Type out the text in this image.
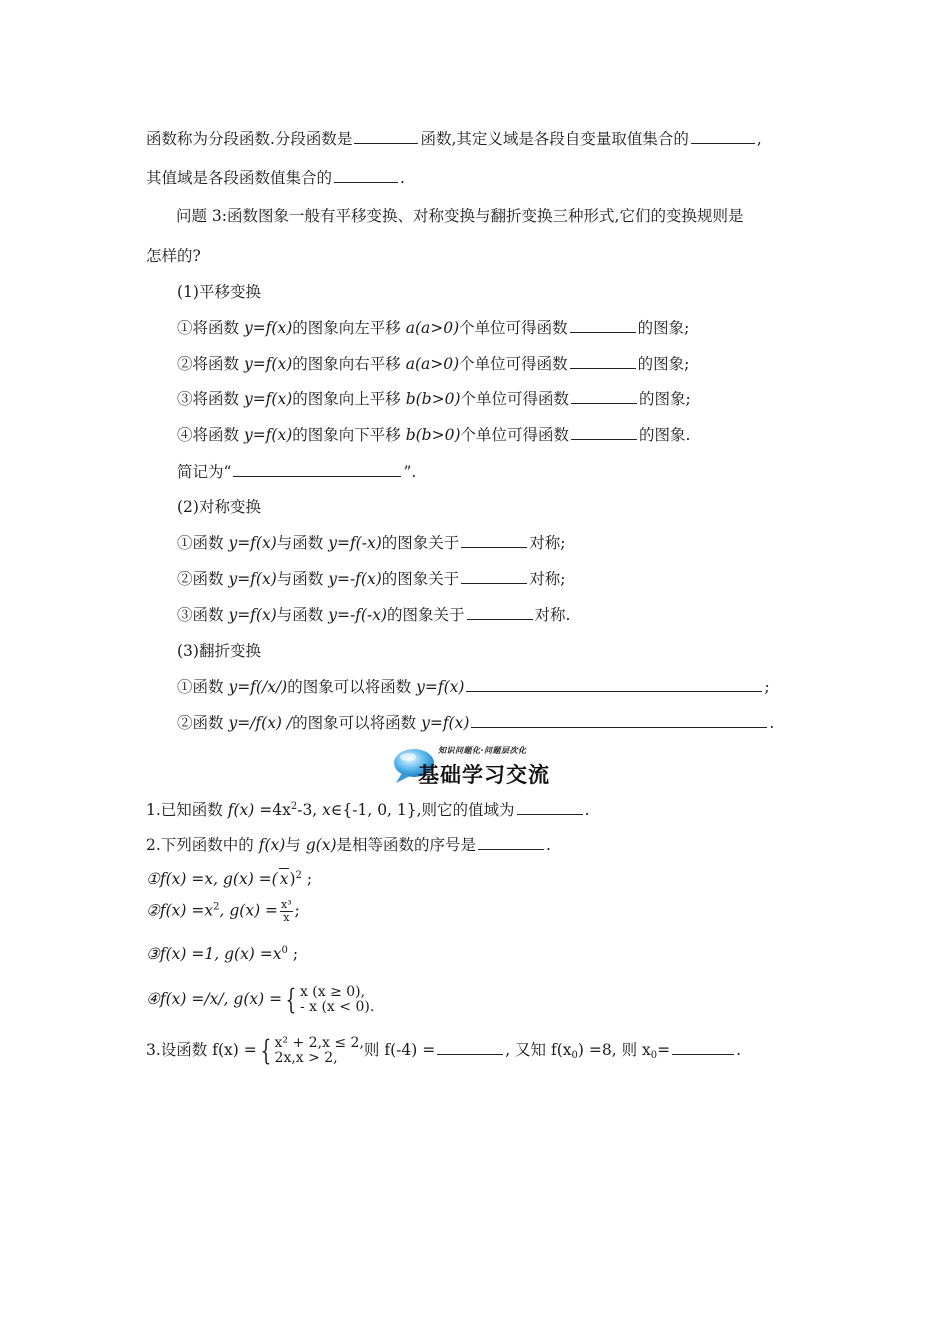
函数称为分段函数.分段函数是	函数,其定义域是各段自变量取值集合的	,
其值域是各段函数值集合的	.
问题 3:函数图象一般有平移变换、对称变换与翻折变换三种形式,它们的变换规则是
怎样的?
(1)平移变换
①将函数 y=f(x)的图象向左平移 a(a>0)个单位可得函数	的图象;
②将函数 y=f(x)的图象向右平移 a(a>0)个单位可得函数	的图象;
③将函数 y=f(x)的图象向上平移 b(b>0)个单位可得函数	的图象;
④将函数 y=f(x)的图象向下平移 b(b>0)个单位可得函数	的图象.
简记为“	”.
(2)对称变换
①函数 y=f(x)与函数 y=f(-x)的图象关于	对称;
②函数 y=f(x)与函数 y=-f(x)的图象关于	对称;
③函数 y=f(x)与函数 y=-f(-x)的图象关于	对称.
(3)翻折变换
①函数 y=f(/x/)的图象可以将函数 y=f(x)	;
②函数 y=/f(x) /的图象可以将函数 y=f(x)	.
知识问题化·问题层次化
基础学习交流
1.已知函数 $f(x) =4x^2-3$, x∈{-1, 0, 1},则它的值域为	.
2.下列函数中的 f(x)与 g(x)是相等函数的序号是	.
①f(x) =x, g(x) =( x)$^2$ ;
②f(x) $=x^2$, $g(x) = \frac{\text{x³}}{x}$ ;
③f(x) =1, $g(x) =x^0$ ;
④f(x) =/x/, g(x) = { x (x ≥ 0),
- x (x < 0).
3.设函数 f(x) = { x² + 2,x ≤ 2,
2x,x > 2,	则 f(-4) =	, 又知 $f(x_0) =8$, 则 $x_0=$	.
